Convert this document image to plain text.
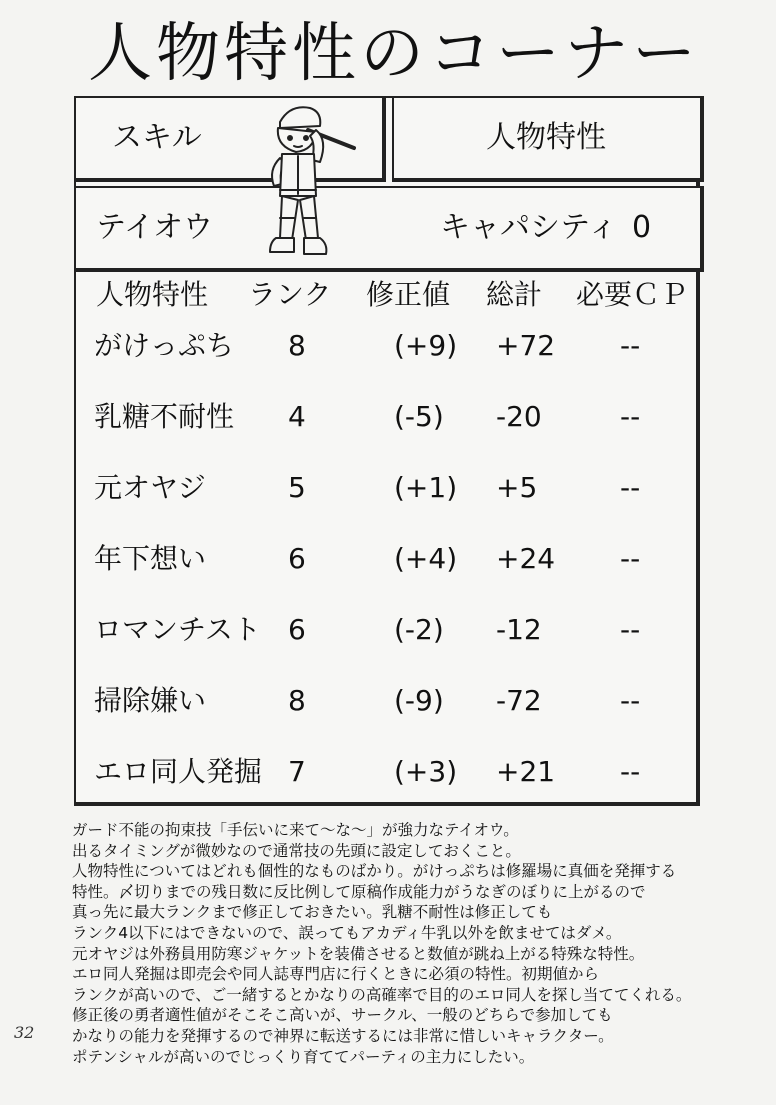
人物特性のコーナー
スキル	人物特性
テイオウ	キャパシティ 0
人物特性 ランク 修正値 総計 必要ＣＰ
がけっぷち 8	(+9) +72 --
乳糖不耐性 4	(-5) -20	--
元オヤジ	5	(+1) +5	--
年下想い	6	(+4) +24 --
ロマンチスト 6	(-2) -12	--
掃除嫌い	8	(-9) -72	--
エロ同人発掘 7	(+3) +21 --
ガード不能の拘束技「手伝いに来て〜な〜」が強力なテイオウ。
出るタイミングが微妙なので通常技の先頭に設定しておくこと。
人物特性についてはどれも個性的なものばかり。がけっぷちは修羅場に真価を発揮する
特性。〆切りまでの残日数に反比例して原稿作成能力がうなぎのぼりに上がるので
真っ先に最大ランクまで修正しておきたい。乳糖不耐性は修正しても
ランク4以下にはできないので、誤ってもアカディ牛乳以外を飲ませてはダメ。
元オヤジは外務員用防寒ジャケットを装備させると数値が跳ね上がる特殊な特性。
エロ同人発掘は即売会や同人誌専門店に行くときに必須の特性。初期値から
ランクが高いので、ご一緒するとかなりの高確率で目的のエロ同人を探し当ててくれる。
修正後の勇者適性値がそこそこ高いが、サークル、一般のどちらで参加しても
かなりの能力を発揮するので神界に転送するには非常に惜しいキャラクター。
ポテンシャルが高いのでじっくり育ててパーティの主力にしたい。
32
